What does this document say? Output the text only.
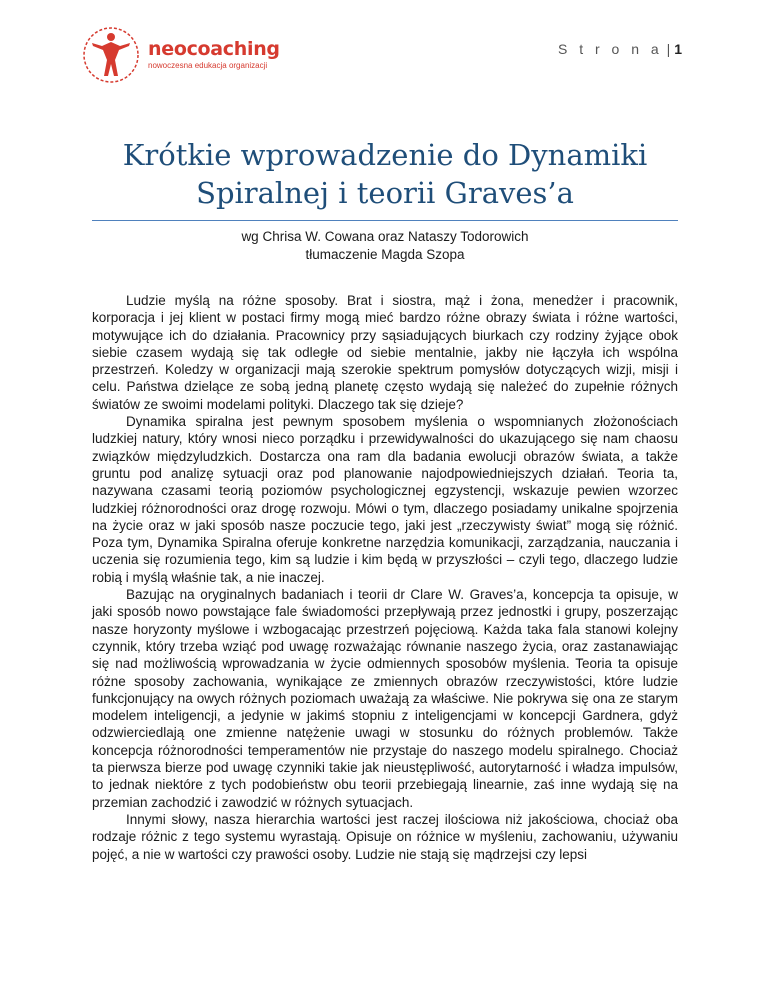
neocoaching
nowoczesna edukacja organizacji
S t r o n a | 1
Krótkie wprowadzenie do Dynamiki
Spiralnej i teorii Graves’a
wg Chrisa W. Cowana oraz Nataszy Todorowich
tłumaczenie Magda Szopa

Ludzie myślą na różne sposoby. Brat i siostra, mąż i żona, menedżer i pracownik, korporacja i jej klient w postaci firmy mogą mieć bardzo różne obrazy świata i różne wartości, motywujące ich do działania. Pracownicy przy sąsiadujących biurkach czy rodziny żyjące obok siebie czasem wydają się tak odległe od siebie mentalnie, jakby nie łączyła ich wspólna przestrzeń. Koledzy w organizacji mają szerokie spektrum pomysłów dotyczących wizji, misji i celu. Państwa dzielące ze sobą jedną planetę często wydają się należeć do zupełnie różnych światów ze swoimi modelami polityki. Dlaczego tak się dzieje?

Dynamika spiralna jest pewnym sposobem myślenia o wspomnianych złożonościach ludzkiej natury, który wnosi nieco porządku i przewidywalności do ukazującego się nam chaosu związków międzyludzkich. Dostarcza ona ram dla badania ewolucji obrazów świata, a także gruntu pod analizę sytuacji oraz pod planowanie najodpowiedniejszych działań. Teoria ta, nazywana czasami teorią poziomów psychologicznej egzystencji, wskazuje pewien wzorzec ludzkiej różnorodności oraz drogę rozwoju. Mówi o tym, dlaczego posiadamy unikalne spojrzenia na życie oraz w jaki sposób nasze poczucie tego, jaki jest „rzeczywisty świat” mogą się różnić. Poza tym, Dynamika Spiralna oferuje konkretne narzędzia komunikacji, zarządzania, nauczania i uczenia się rozumienia tego, kim są ludzie i kim będą w przyszłości – czyli tego, dlaczego ludzie robią i myślą właśnie tak, a nie inaczej.

Bazując na oryginalnych badaniach i teorii dr Clare W. Graves’a, koncepcja ta opisuje, w jaki sposób nowo powstające fale świadomości przepływają przez jednostki i grupy, poszerzając nasze horyzonty myślowe i wzbogacając przestrzeń pojęciową. Każda taka fala stanowi kolejny czynnik, który trzeba wziąć pod uwagę rozważając równanie naszego życia, oraz zastanawiając się nad możliwością wprowadzania w życie odmiennych sposobów myślenia. Teoria ta opisuje różne sposoby zachowania, wynikające ze zmiennych obrazów rzeczywistości, które ludzie funkcjonujący na owych różnych poziomach uważają za właściwe. Nie pokrywa się ona ze starym modelem inteligencji, a jedynie w jakimś stopniu z inteligencjami w koncepcji Gardnera, gdyż odzwierciedlają one zmienne natężenie uwagi w stosunku do różnych problemów. Także koncepcja różnorodności temperamentów nie przystaje do naszego modelu spiralnego. Chociaż ta pierwsza bierze pod uwagę czynniki takie jak nieustępliwość, autorytarność i władza impulsów, to jednak niektóre z tych podobieństw obu teorii przebiegają linearnie, zaś inne wydają się na przemian zachodzić i zawodzić w różnych sytuacjach.

Innymi słowy, nasza hierarchia wartości jest raczej ilościowa niż jakościowa, chociaż oba rodzaje różnic z tego systemu wyrastają. Opisuje on różnice w myśleniu, zachowaniu, używaniu pojęć, a nie w wartości czy prawości osoby. Ludzie nie stają się mądrzejsi czy lepsi
